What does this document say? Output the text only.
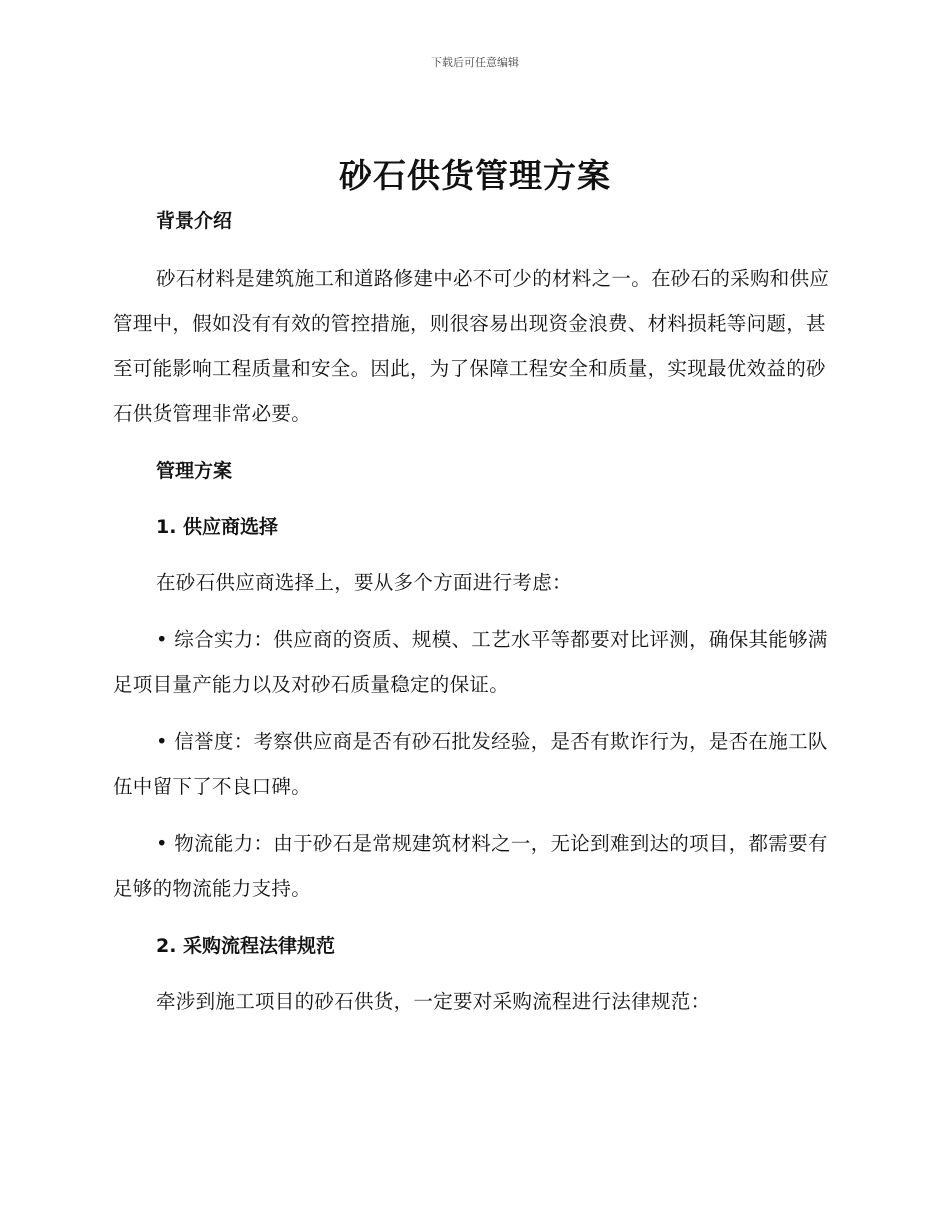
下载后可任意编辑
砂石供货管理方案

背景介绍

砂石材料是建筑施工和道路修建中必不可少的材料之一。在砂石的采购和供应管理中，假如没有有效的管控措施，则很容易出现资金浪费、材料损耗等问题，甚至可能影响工程质量和安全。因此，为了保障工程安全和质量，实现最优效益的砂石供货管理非常必要。

管理方案

1. 供应商选择

在砂石供应商选择上，要从多个方面进行考虑：

• 综合实力：供应商的资质、规模、工艺水平等都要对比评测，确保其能够满足项目量产能力以及对砂石质量稳定的保证。

• 信誉度：考察供应商是否有砂石批发经验，是否有欺诈行为，是否在施工队伍中留下了不良口碑。

• 物流能力：由于砂石是常规建筑材料之一，无论到难到达的项目，都需要有足够的物流能力支持。

2. 采购流程法律规范

牵涉到施工项目的砂石供货，一定要对采购流程进行法律规范：
